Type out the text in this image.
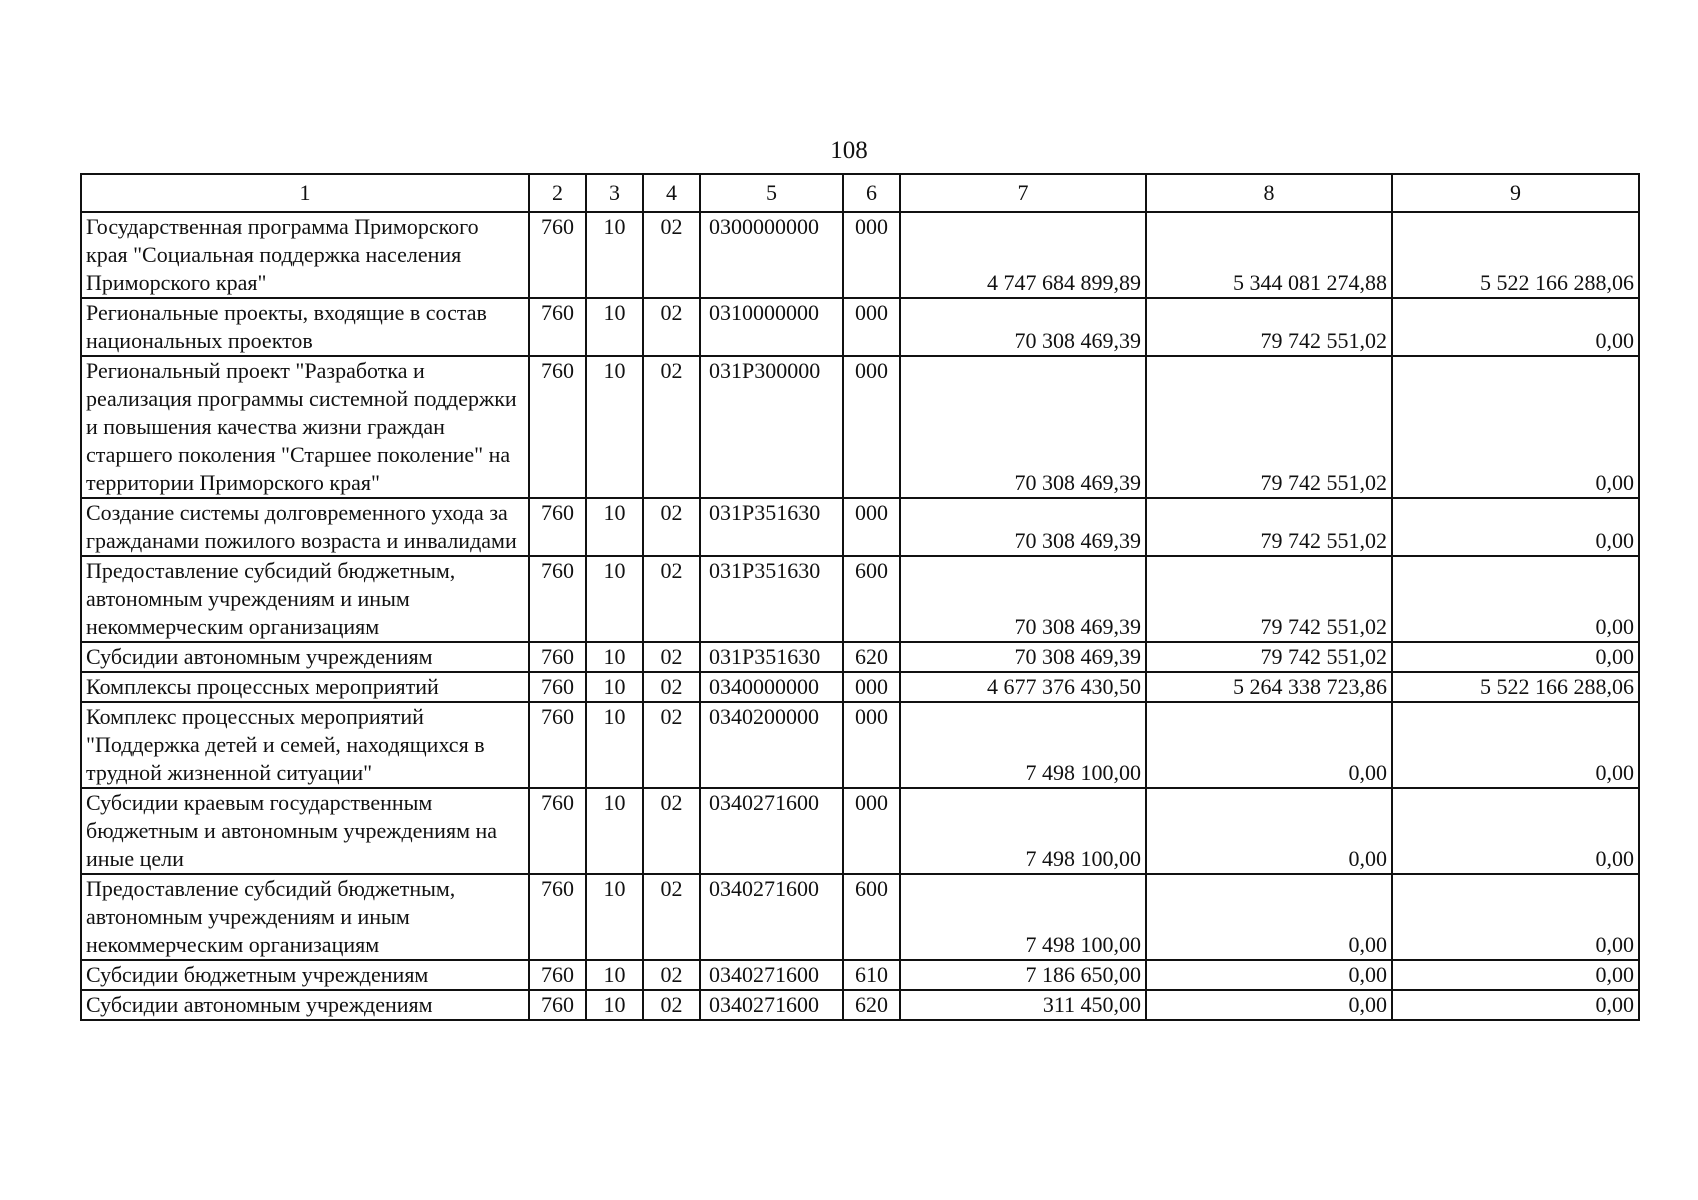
108
1	2	3	4	5	6	7	8	9
Государственная программа Приморского края "Социальная поддержка населения Приморского края"	760	10	02	0300000000	000	4 747 684 899,89	5 344 081 274,88	5 522 166 288,06
Региональные проекты, входящие в состав национальных проектов	760	10	02	0310000000	000	70 308 469,39	79 742 551,02	0,00
Региональный проект "Разработка и реализация программы системной поддержки и повышения качества жизни граждан старшего поколения "Старшее поколение" на территории Приморского края"	760	10	02	031P300000	000	70 308 469,39	79 742 551,02	0,00
Создание системы долговременного ухода за гражданами пожилого возраста и инвалидами	760	10	02	031P351630	000	70 308 469,39	79 742 551,02	0,00
Предоставление субсидий бюджетным, автономным учреждениям и иным некоммерческим организациям	760	10	02	031P351630	600	70 308 469,39	79 742 551,02	0,00
Субсидии автономным учреждениям	760	10	02	031P351630	620	70 308 469,39	79 742 551,02	0,00
Комплексы процессных мероприятий	760	10	02	0340000000	000	4 677 376 430,50	5 264 338 723,86	5 522 166 288,06
Комплекс процессных мероприятий "Поддержка детей и семей, находящихся в трудной жизненной ситуации"	760	10	02	0340200000	000	7 498 100,00	0,00	0,00
Субсидии краевым государственным бюджетным и автономным учреждениям на иные цели	760	10	02	0340271600	000	7 498 100,00	0,00	0,00
Предоставление субсидий бюджетным, автономным учреждениям и иным некоммерческим организациям	760	10	02	0340271600	600	7 498 100,00	0,00	0,00
Субсидии бюджетным учреждениям	760	10	02	0340271600	610	7 186 650,00	0,00	0,00
Субсидии автономным учреждениям	760	10	02	0340271600	620	311 450,00	0,00	0,00
